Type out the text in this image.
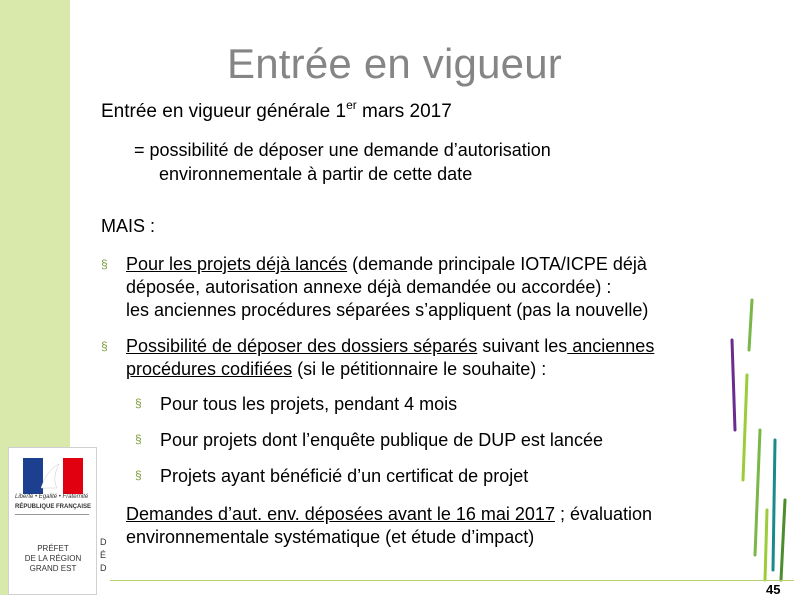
Entrée en vigueur
Entrée en vigueur générale 1er mars 2017
= possibilité de déposer une demande d’autorisation
environnementale à partir de cette date
MAIS :
§ Pour les projets déjà lancés (demande principale IOTA/ICPE déjà
déposée, autorisation annexe déjà demandée ou accordée) :
les anciennes procédures séparées s’appliquent (pas la nouvelle)
§ Possibilité de déposer des dossiers séparés suivant les anciennes
procédures codifiées (si le pétitionnaire le souhaite) :
§ Pour tous les projets, pendant 4 mois
§ Pour projets dont l’enquête publique de DUP est lancée
§ Projets ayant bénéficié d’un certificat de projet
Demandes d’aut. env. déposées avant le 16 mai 2017 ; évaluation
environnementale systématique (et étude d’impact)
Liberté • Égalité • Fraternité
RÉPUBLIQUE FRANÇAISE
PRÉFET
DE LA RÉGION
GRAND EST
D
É
D
45
